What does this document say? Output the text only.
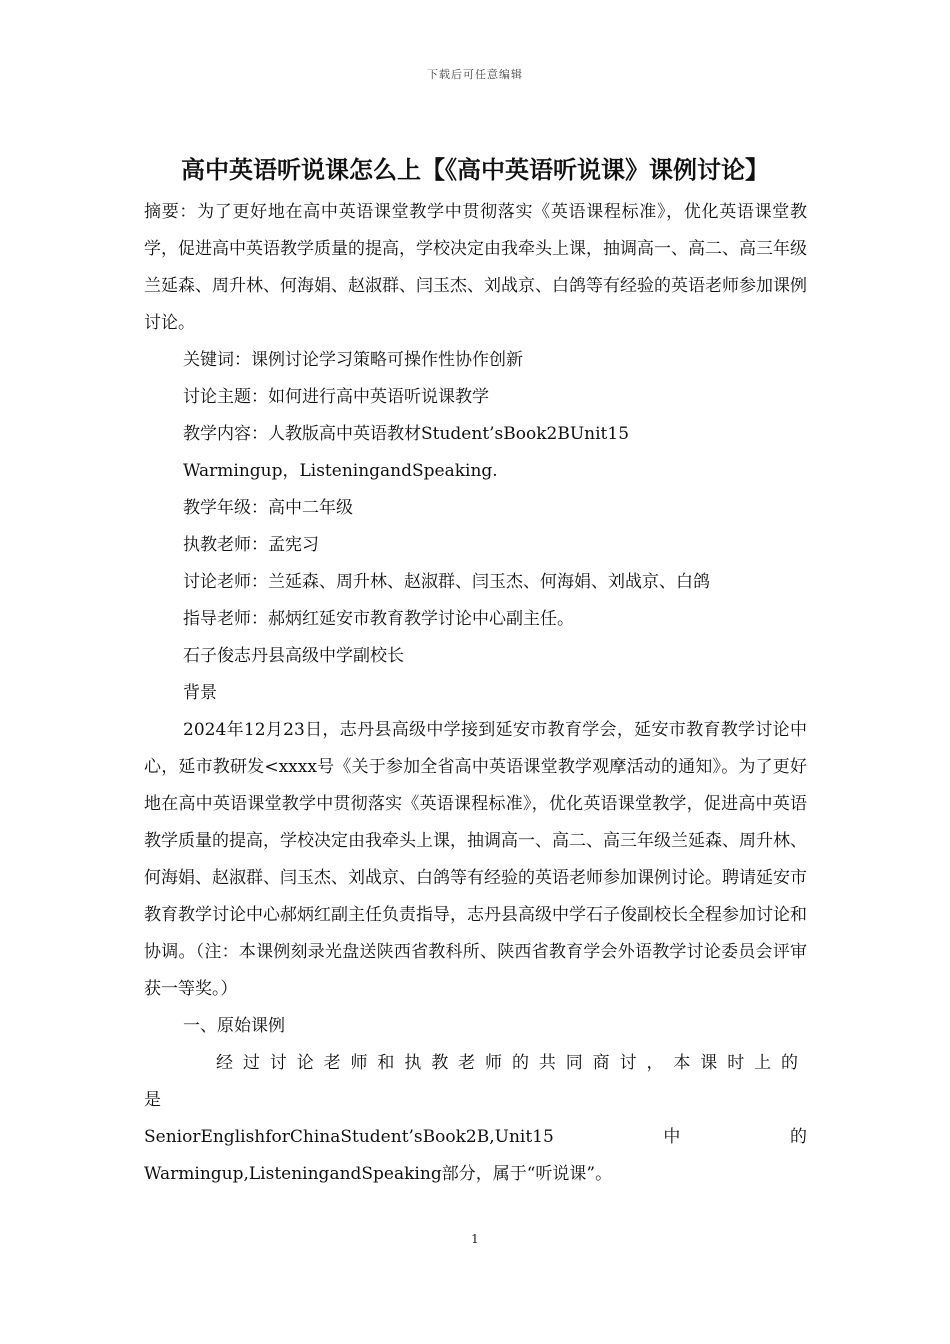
下载后可任意编辑
高中英语听说课怎么上【《高中英语听说课》课例讨论】

摘要：为了更好地在高中英语课堂教学中贯彻落实《英语课程标准》，优化英语课堂教学，促进高中英语教学质量的提高，学校决定由我牵头上课，抽调高一、高二、高三年级兰延森、周升林、何海娟、赵淑群、闫玉杰、刘战京、白鸽等有经验的英语老师参加课例讨论。

关键词：课例讨论学习策略可操作性协作创新

讨论主题：如何进行高中英语听说课教学

教学内容：人教版高中英语教材Student’sBook2BUnit15

Warmingup，ListeningandSpeaking.

教学年级：高中二年级

执教老师：孟宪习

讨论老师：兰延森、周升林、赵淑群、闫玉杰、何海娟、刘战京、白鸽

指导老师：郝炳红延安市教育教学讨论中心副主任。

石子俊志丹县高级中学副校长

背景

2024年12月23日，志丹县高级中学接到延安市教育学会，延安市教育教学讨论中心，延市教研发<xxxx号《关于参加全省高中英语课堂教学观摩活动的通知》。为了更好地在高中英语课堂教学中贯彻落实《英语课程标准》，优化英语课堂教学，促进高中英语教学质量的提高，学校决定由我牵头上课，抽调高一、高二、高三年级兰延森、周升林、何海娟、赵淑群、闫玉杰、刘战京、白鸽等有经验的英语老师参加课例讨论。聘请延安市教育教学讨论中心郝炳红副主任负责指导，志丹县高级中学石子俊副校长全程参加讨论和协调。（注：本课例刻录光盘送陕西省教科所、陕西省教育学会外语教学讨论委员会评审获一等奖。）

一、原始课例

经过讨论老师和执教老师的共同商讨，本课时上的是

SeniorEnglishforChinaStudent’sBook2B,Unit15	中	的

Warmingup,ListeningandSpeaking部分，属于“听说课”。

1
